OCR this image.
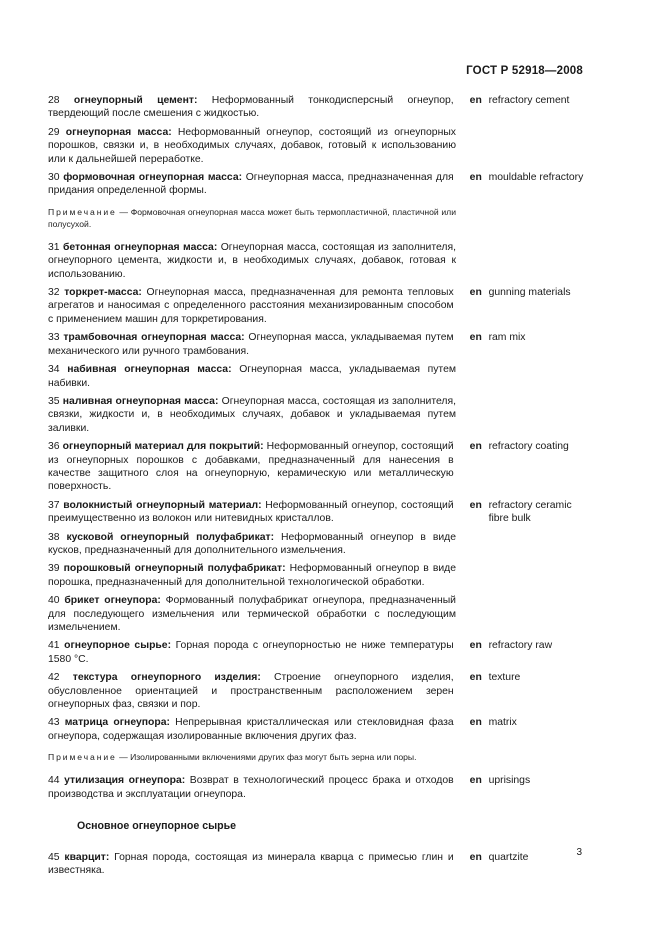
ГОСТ Р 52918—2008
28 огнеупорный цемент: Неформованный тонкодисперсный огнеупор, твердеющий после смешения с жидкостью.
en refractory cement
29 огнеупорная масса: Неформованный огнеупор, состоящий из огнеупорных порошков, связки и, в необходимых случаях, добавок, готовый к использованию или к дальнейшей переработке.
30 формовочная огнеупорная масса: Огнеупорная масса, предназначенная для придания определенной формы.
en mouldable refractory
Примечание — Формовочная огнеупорная масса может быть термопластичной, пластичной или полусухой.
31 бетонная огнеупорная масса: Огнеупорная масса, состоящая из заполнителя, огнеупорного цемента, жидкости и, в необходимых случаях, добавок, готовая к использованию.
32 торкрет-масса: Огнеупорная масса, предназначенная для ремонта тепловых агрегатов и наносимая с определенного расстояния механизированным способом с применением машин для торкретирования.
en gunning materials
33 трамбовочная огнеупорная масса: Огнеупорная масса, укладываемая путем механического или ручного трамбования.
en ram mix
34 набивная огнеупорная масса: Огнеупорная масса, укладываемая путем набивки.
35 наливная огнеупорная масса: Огнеупорная масса, состоящая из заполнителя, связки, жидкости и, в необходимых случаях, добавок и укладываемая путем заливки.
36 огнеупорный материал для покрытий: Неформованный огнеупор, состоящий из огнеупорных порошков с добавками, предназначенный для нанесения в качестве защитного слоя на огнеупорную, керамическую или металлическую поверхность.
en refractory coating
37 волокнистый огнеупорный материал: Неформованный огнеупор, состоящий преимущественно из волокон или нитевидных кристаллов.
en refractory ceramic fibre bulk
38 кусковой огнеупорный полуфабрикат: Неформованный огнеупор в виде кусков, предназначенный для дополнительного измельчения.
39 порошковый огнеупорный полуфабрикат: Неформованный огнеупор в виде порошка, предназначенный для дополнительной технологической обработки.
40 брикет огнеупора: Формованный полуфабрикат огнеупора, предназначенный для последующего измельчения или термической обработки с последующим измельчением.
41 огнеупорное сырье: Горная порода с огнеупорностью не ниже температуры 1580 °С.
en refractory raw
42 текстура огнеупорного изделия: Строение огнеупорного изделия, обусловленное ориентацией и пространственным расположением зерен огнеупорных фаз, связки и пор.
en texture
43 матрица огнеупора: Непрерывная кристаллическая или стекловидная фаза огнеупора, содержащая изолированные включения других фаз.
en matrix
Примечание — Изолированными включениями других фаз могут быть зерна или поры.
44 утилизация огнеупора: Возврат в технологический процесс брака и отходов производства и эксплуатации огнеупора.
en uprisings
Основное огнеупорное сырье
45 кварцит: Горная порода, состоящая из минерала кварца с примесью глин и известняка.
en quartzite	3
